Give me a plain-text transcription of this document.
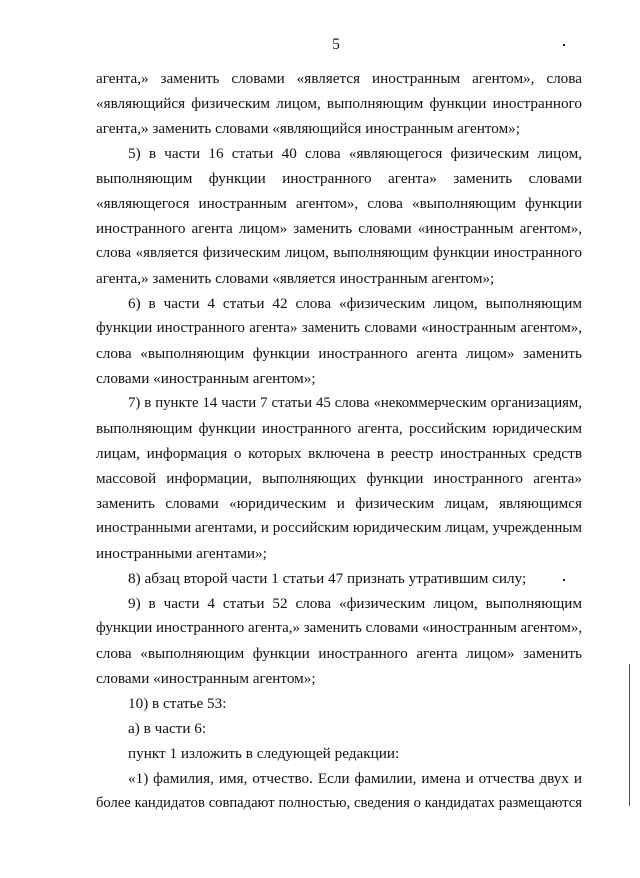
5
агента,» заменить словами «является иностранным агентом», слова
«являющийся физическим лицом, выполняющим функции иностранного
агента,» заменить словами «являющийся иностранным агентом»;
5) в части 16 статьи 40 слова «являющегося физическим лицом,
выполняющим функции иностранного агента» заменить словами
«являющегося иностранным агентом», слова «выполняющим функции
иностранного агента лицом» заменить словами «иностранным агентом»,
слова «является физическим лицом, выполняющим функции иностранного
агента,» заменить словами «является иностранным агентом»;
6) в части 4 статьи 42 слова «физическим лицом, выполняющим
функции иностранного агента» заменить словами «иностранным агентом»,
слова «выполняющим функции иностранного агента лицом» заменить
словами «иностранным агентом»;
7) в пункте 14 части 7 статьи 45 слова «некоммерческим организациям,
выполняющим функции иностранного агента, российским юридическим
лицам, информация о которых включена в реестр иностранных средств
массовой информации, выполняющих функции иностранного агента»
заменить словами «юридическим и физическим лицам, являющимся
иностранными агентами, и российским юридическим лицам, учрежденным
иностранными агентами»;
8) абзац второй части 1 статьи 47 признать утратившим силу;
9) в части 4 статьи 52 слова «физическим лицом, выполняющим
функции иностранного агента,» заменить словами «иностранным агентом»,
слова «выполняющим функции иностранного агента лицом» заменить
словами «иностранным агентом»;
10) в статье 53:
а) в части 6:
пункт 1 изложить в следующей редакции:
«1) фамилия, имя, отчество. Если фамилии, имена и отчества двух и
более кандидатов совпадают полностью, сведения о кандидатах размещаются
